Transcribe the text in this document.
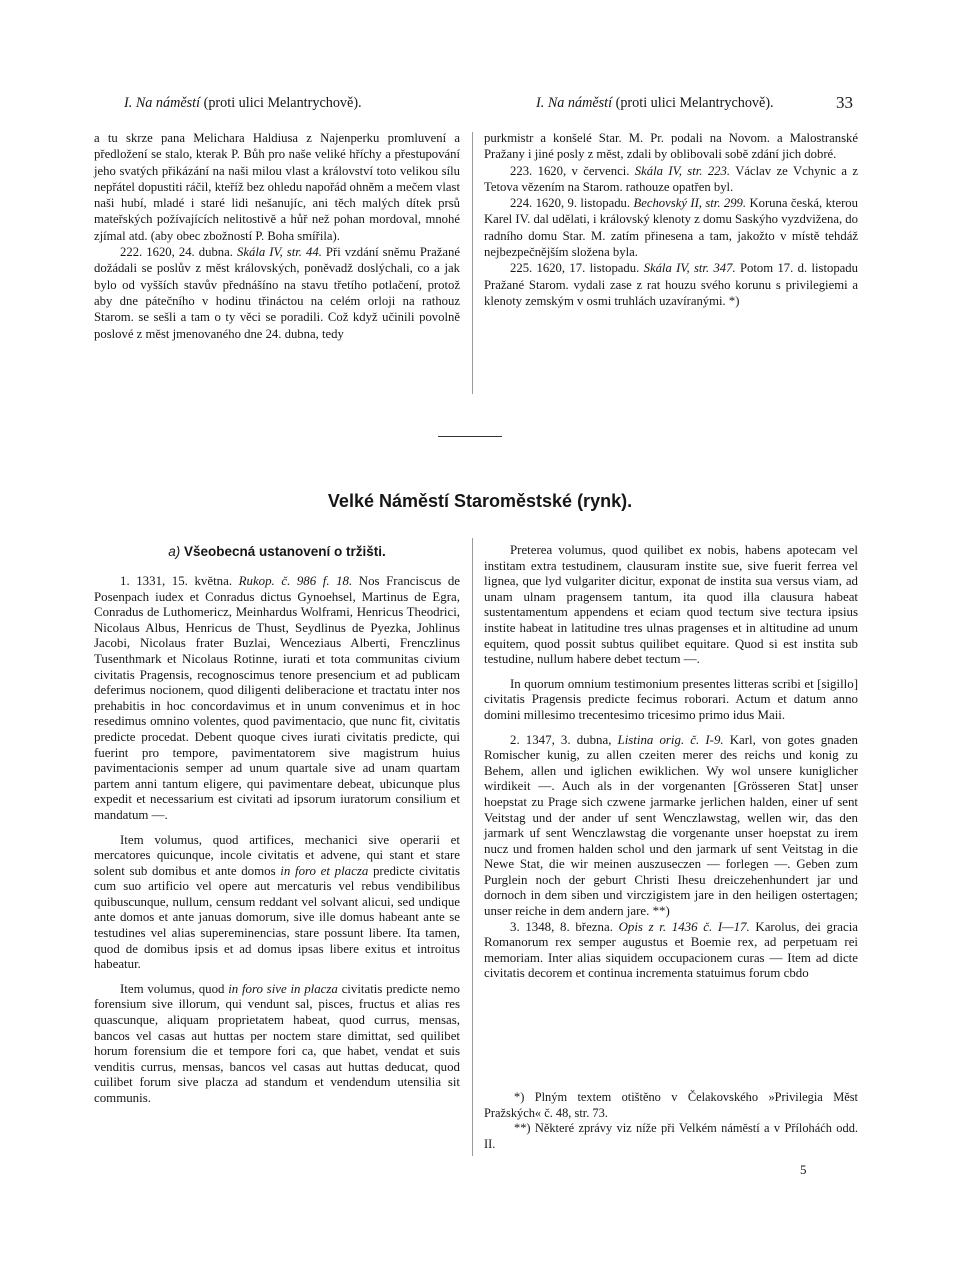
I. Na náměstí (proti ulici Melantrychově).	I. Na náměstí (proti ulici Melantrychově).	33

a tu skrze pana Melichara Haldiusa z Najenperku promluvení a předložení se stalo, kterak P. Bůh pro naše veliké hříchy a přestupování jeho svatých přikázání na naši milou vlast a království toto velikou sílu nepřátel dopustiti ráčil, kteříž bez ohledu napořád ohněm a mečem vlast naši hubí, mladé i staré lidi nešanujíc, ani těch malých dítek prsů mateřských požívajících nelitostivě a hůř než pohan mordoval, mnohé zjímal atd. (aby obec zbožností P. Boha smířila).

222. 1620, 24. dubna. Skála IV, str. 44. Při vzdání sněmu Pražané dožádali se poslův z měst královských, poněvadž doslýchali, co a jak bylo od vyšších stavův přednášíno na stavu třetího potlačení, protož aby dne pátečního v hodinu třináctou na celém orloji na rathouz Starom. se sešli a tam o ty věci se poradili. Což když učinili povolně poslové z měst jmenovaného dne 24. dubna, tedy

purkmistr a konšelé Star. M. Pr. podali na Novom. a Malostranské Pražany i jiné posly z měst, zdali by oblibovali sobě zdání jich dobré.

223. 1620, v červenci. Skála IV, str. 223. Václav ze Vchynic a z Tetova vězením na Starom. rathouze opatřen byl.

224. 1620, 9. listopadu. Bechovský II, str. 299. Koruna česká, kterou Karel IV. dal udělati, i královský klenoty z domu Saskýho vyzdvižena, do radního domu Star. M. zatím přinesena a tam, jakožto v místě tehdáž nejbezpečnějším složena byla.

225. 1620, 17. listopadu. Skála IV, str. 347. Potom 17. d. listopadu Pražané Starom. vydali zase z rat houzu svého korunu s privilegiemi a klenoty zemským v osmi truhlách uzavíranými. *)

Velké Náměstí Staroměstské (rynk).
a) Všeobecná ustanovení o tržišti.

1. 1331, 15. května. Rukop. č. 986 f. 18. Nos Franciscus de Posenpach iudex et Conradus dictus Gynoehsel, Martinus de Egra, Conradus de Luthomericz, Meinhardus Wolframi, Henricus Theodrici, Nicolaus Albus, Henricus de Thust, Seydlinus de Pyezka, Johlinus Jacobi, Nicolaus frater Buzlai, Wenceziaus Alberti, Frenczlinus Tusenthmark et Nicolaus Rotinne, iurati et tota communitas civium civitatis Pragensis, recognoscimus tenore presencium et ad publicam deferimus nocionem, quod diligenti deliberacione et tractatu inter nos prehabitis in hoc concordavimus et in unum convenimus et in hoc resedimus omnino volentes, quod pavimentacio, que nunc fit, civitatis predicte procedat. Debent quoque cives iurati civitatis predicte, qui fuerint pro tempore, pavimentatorem sive magistrum huius pavimentacionis semper ad unum quartale sive ad unam quartam partem anni tantum eligere, qui pavimentare debeat, ubicunque plus expedit et necessarium est civitati ad ipsorum iuratorum consilium et mandatum —.

Item volumus, quod artifices, mechanici sive operarii et mercatores quicunque, incole civitatis et advene, qui stant et stare solent sub domibus et ante domos in foro et placza predicte civitatis cum suo artificio vel opere aut mercaturis vel rebus vendibilibus quibuscunque, nullum, censum reddant vel solvant alicui, sed undique ante domos et ante januas domorum, sive ille domus habeant ante se testudines vel alias supereminencias, stare possunt libere. Ita tamen, quod de domibus ipsis et ad domus ipsas libere exitus et introitus habeatur.

Item volumus, quod in foro sive in placza civitatis predicte nemo forensium sive illorum, qui vendunt sal, pisces, fructus et alias res quascunque, aliquam proprietatem habeat, quod currus, mensas, bancos vel casas aut huttas per noctem stare dimittat, sed quilibet horum forensium die et tempore fori ca, que habet, vendat et suis venditis currus, mensas, bancos vel casas aut huttas deducat, quod cuilibet forum sive placza ad standum et vendendum utensilia sit communis.

Preterea volumus, quod quilibet ex nobis, habens apotecam vel institam extra testudinem, clausuram instite sue, sive fuerit ferrea vel lignea, que lyd vulgariter dicitur, exponat de instita sua versus viam, ad unam ulnam pragensem tantum, ita quod illa clausura habeat sustentamentum appendens et eciam quod tectum sive tectura ipsius instite habeat in latitudine tres ulnas pragenses et in altitudine ad unum equitem, quod possit subtus quilibet equitare. Quod si est instita sub testudine, nullum habere debet tectum —.

In quorum omnium testimonium presentes litteras scribi et [sigillo] civitatis Pragensis predicte fecimus roborari. Actum et datum anno domini millesimo trecentesimo tricesimo primo idus Maii.

2. 1347, 3. dubna, Listina orig. č. I-9. Karl, von gotes gnaden Romischer kunig, zu allen czeiten merer des reichs und konig zu Behem, allen und iglichen ewiklichen. Wy wol unsere kuniglicher wirdikeit —. Auch als in der vorgenanten [Grösseren Stat] unser hoepstat zu Prage sich czwene jarmarke jerlichen halden, einer uf sent Veitstag und der ander uf sent Wenczlawstag, wellen wir, das den jarmark uf sent Wenczlawstag die vorgenante unser hoepstat zu irem nucz und fromen halden schol und den jarmark uf sent Veitstag in die Newe Stat, die wir meinen auszuseczen — forlegen —. Geben zum Purglein noch der geburt Christi Ihesu dreiczehenhundert jar und dornoch in dem siben und virczigistem jare in den heiligen ostertagen; unser reiche in dem andern jare. **)

3. 1348, 8. března. Opis z r. 1436 č. I—17. Karolus, dei gracia Romanorum rex semper augustus et Boemie rex, ad perpetuam rei memoriam. Inter alias siquidem occupacionem curas — Item ad dicte civitatis decorem et continua incrementa statuimus forum cbdo

*) Plným textem otištěno v Čelakovského »Privilegia Měst Pražských« č. 48, str. 73.

**) Některé zprávy viz níže při Velkém náměstí a v Příloháćh odd. II.

5
